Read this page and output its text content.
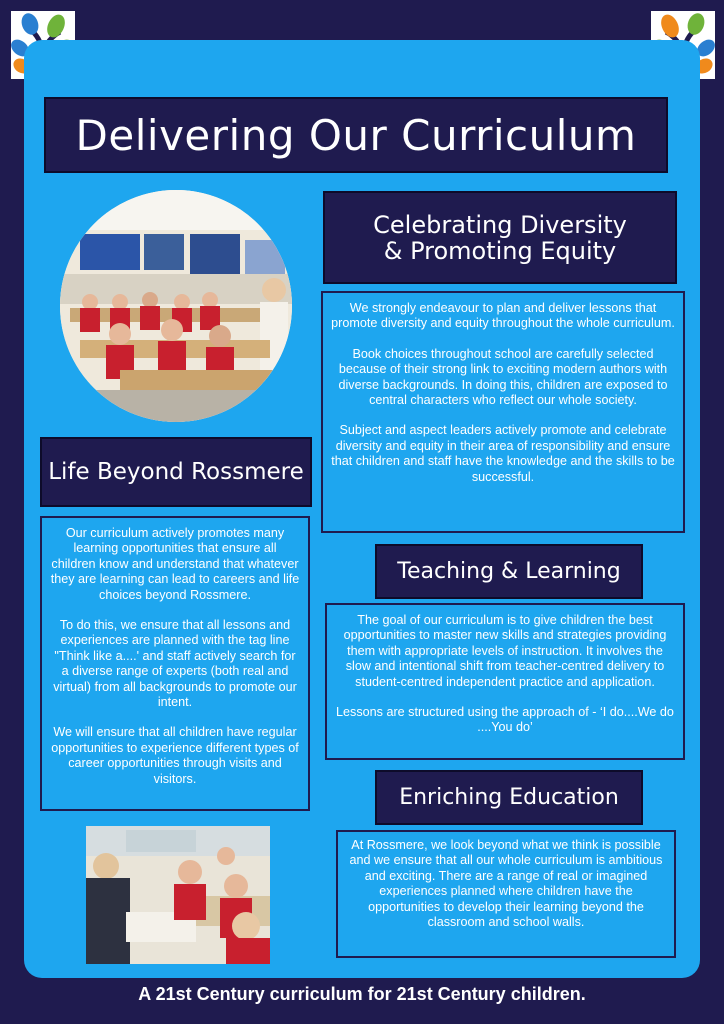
Delivering Our Curriculum
Celebrating Diversity & Promoting Equity

We strongly endeavour to plan and deliver lessons that promote diversity and equity throughout the whole curriculum.

Book choices throughout school are carefully selected because of their strong link to exciting modern authors with diverse backgrounds. In doing this, children are exposed to central characters who reflect our whole society.

Subject and aspect leaders actively promote and celebrate diversity and equity in their area of responsibility and ensure that children and staff have the knowledge and the skills to be successful.

Life Beyond Rossmere

Our curriculum actively promotes many learning opportunities that ensure all children know and understand that whatever they are learning can lead to careers and life choices beyond Rossmere.

To do this, we ensure that all lessons and experiences are planned with the tag line "Think like a....' and staff actively search for a diverse range of experts (both real and virtual) from all backgrounds to promote our intent.

We will ensure that all children have regular opportunities to experience different types of career opportunities through visits and visitors.

Teaching & Learning

The goal of our curriculum is to give children the best opportunities to master new skills and strategies providing them with appropriate levels of instruction. It involves the slow and intentional shift from teacher-centred delivery to student-centred independent practice and application.

Lessons are structured using the approach of - ‘I do....We do ....You do’

Enriching Education

At Rossmere, we look beyond what we think is possible and we ensure that all our whole curriculum is ambitious and exciting. There are a range of real or imagined experiences planned where children have the opportunities to develop their learning beyond the classroom and school walls.

A 21st Century curriculum for 21st Century children.
